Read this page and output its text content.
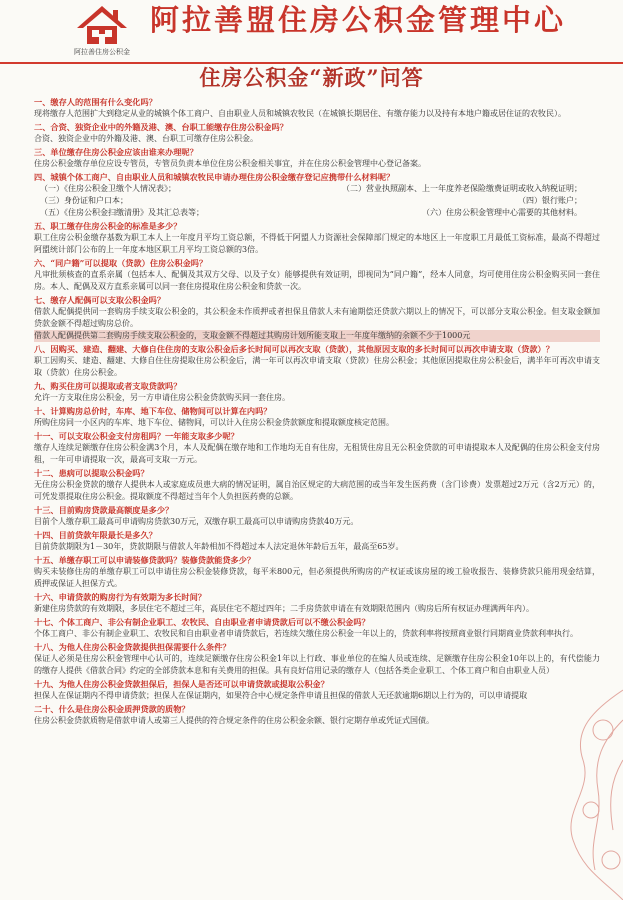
阿拉善住房公积金
阿拉善盟住房公积金管理中心
住房公积金“新政”问答
一、缴存人的范围有什么变化吗？
现将缴存人范围扩大到稳定从业的城镇个体工商户、自由职业人员和城镇农牧民（在城镇长期居住、有缴存能力以及持有本地户籍或居住证的农牧民）。
二、合资、独资企业中的外籍及港、澳、台职工能缴存住房公积金吗？
合资、独资企业中的外籍及港、澳、台职工可缴存住房公积金。
三、单位缴存住房公积金应该由谁来办理呢？
住房公积金缴存单位应设专管员，专管员负责本单位住房公积金相关事宜，并在住房公积金管理中心登记备案。
四、城镇个体工商户、自由职业人员和城镇农牧民申请办理住房公积金缴存登记应携带什么材料呢？
（一）《住房公积金卫缴个人情况表》；	（二）营业执照副本、上一年度养老保险缴费证明或收入纳税证明；
（三）身份证和户口本；	（四）银行账户；
（五）《住房公积金扫缴清册》及其汇总表等；	（六）住房公积金管理中心需要的其他材料。
五、职工缴存住房公积金的标准是多少？
职工住房公积金缴存基数为职工本人上一年度月平均工资总额，不得低于阿盟人力资源社会保障部门规定的本地区上一年度职工月最低工资标准，最高不得超过阿盟统计部门公布的上一年度本地区职工月平均工资总额的3倍。
六、“同户籍”可以提取（贷款）住房公积金吗？
凡审批须核查的直系亲属（包括本人、配偶及其双方父母、以及子女）能够提供有效证明，即视同为“同户籍”，经本人同意，均可使用住房公积金购买同一套住房。本人、配偶及双方直系亲属可以同一套住房提取住房公积金和贷款一次。
七、缴存人配偶可以支取公积金吗？
借款人配偶提供同一套购房手续支取公积金的，其公积金未作质押或者担保且借款人未有逾期偿还贷款六期以上的情况下，可以部分支取公积金。但支取金额加贷款金额不得超过购房总价。
借款人配偶提供第二套购房手续支取公积金的，支取金额不得超过其购房计划所能支取上一年度年缴纳的余额不少于1000元
八、因购买、建造、翻建、大修自住住房的支取公积金后多长时间可以再次支取（贷款），其他原因支取的多长时间可以再次申请支取（贷款）？
职工因购买、建造、翻建、大修自住住房提取住房公积金后，满一年可以再次申请支取（贷款）住房公积金；其他原因提取住房公积金后，满半年可再次申请支取（贷款）住房公积金。
九、购买住房可以提取或者支取贷款吗？
允许一方支取住房公积金，另一方申请住房公积金贷款购买同一套住房。
十、计算购房总价时，车库、地下车位、储物间可以计算在内吗？
所购住房同一小区内的车库、地下车位、储物间，可以计入住房公积金贷款额度和提取额度核定范围。
十一、可以支取公积金支付房租吗？一年能支取多少呢？
缴存人连续足额缴存住房公积金满3个月，本人及配偶在缴存地和工作地均无自有住房，无租赁住房且无公积金贷款的可申请提取本人及配偶的住房公积金支付房租，一年可申请提取一次，最高可支取一万元。
十二、患病可以提取公积金吗？
无住房公积金贷款的缴存人提供本人或家庭成员患大病的情况证明，属自治区规定的大病范围的或当年发生医药费（含门诊费）发票超过2万元（含2万元）的，可凭发票提取住房公积金。提取额度不得超过当年个人负担医药费的总额。
十三、目前购房贷款最高额度是多少？
目前个人缴存职工最高可申请购房贷款30万元，双缴存职工最高可以申请购房贷款40万元。
十四、目前贷款年限最长是多久？
目前贷款期限为1－30年，贷款期限与借款人年龄相加不得超过本人法定退休年龄后五年，最高至65岁。
十五、单缴存职工可以申请装修贷款吗？装修贷款能贷多少？
购买未装修住房的单缴存职工可以申请住房公积金装修贷款，每平米800元，但必须提供所购房的产权证或该房屋的竣工验收报告、装修贷款只能用现金结算，质押或保证人担保方式。
十六、申请贷款的购房行为有效期为多长时间？
新建住房贷款的有效期限，多层住宅不超过三年，高层住宅不超过四年；二手房贷款申请在有效期限范围内（购房后所有权证办理满两年内）。
十七、个体工商户、非公有制企业职工、农牧民、自由职业者申请贷款后可以不缴公积金吗？
个体工商户、非公有制企业职工、农牧民和自由职业者申请贷款后，若连续欠缴住房公积金一年以上的，贷款利率将按照商业银行同期商业贷款利率执行。
十八、为他人住房公积金贷款提供担保需要什么条件？
保证人必须是住房公积金管理中心认可的，连续足额缴存住房公积金1年以上行政、事业单位的在编人员或连续、足额缴存住房公积金10年以上的，有代偿能力的缴存人提供《借款合同》约定的全部贷款本息和有关费用的担保。具有良好信用记录的缴存人（包括各类企业职工、个体工商户和自由职业人员）
十九、为他人住房公积金贷款担保后，担保人是否还可以申请贷款或提取公积金？
担保人在保证期内不得申请贷款；担保人在保证期内，如果符合中心规定条件申请且担保的借款人无还款逾期6期以上行为的，可以申请提取
二十、什么是住房公积金质押贷款的质物？
住房公积金贷款质物是借款申请人或第三人提供的符合规定条件的住房公积金余额、银行定期存单或凭证式国债。
